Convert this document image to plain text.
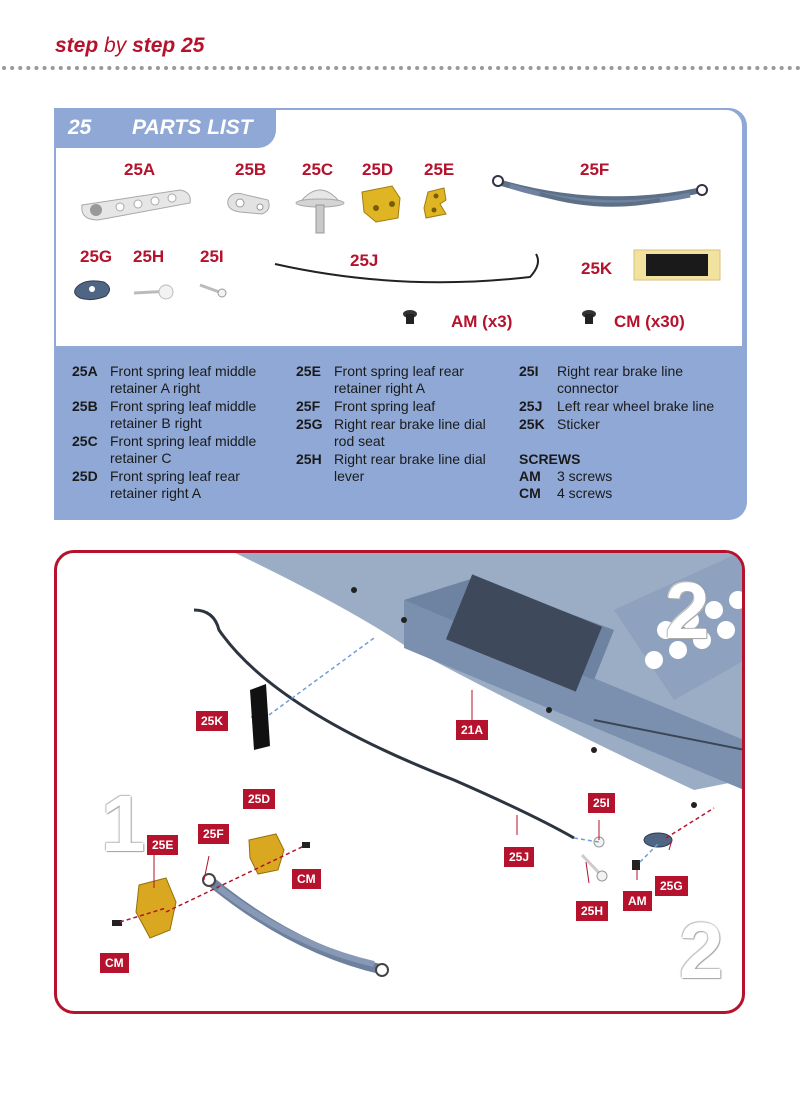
step by step 25
25 PARTS LIST
25A	25B 25C 25D 25E	25F
25G 25H 25I	25J	25K
AM (x3)	CM (x30)
25A Front spring leaf middle retainer A right
25B Front spring leaf middle retainer B right
25C Front spring leaf middle retainer C
25D Front spring leaf rear retainer right A
25E Front spring leaf rear retainer right A
25F Front spring leaf
25G Right rear brake line dial rod seat
25H Right rear brake line dial lever
25I Right rear brake line connector
25J Left rear wheel brake line
25K Sticker
SCREWS
AM 3 screws
CM 4 screws
1
2
2
25K
21A
25D
25F
25E
CM
CM
25I
25J
25H
AM
25G
